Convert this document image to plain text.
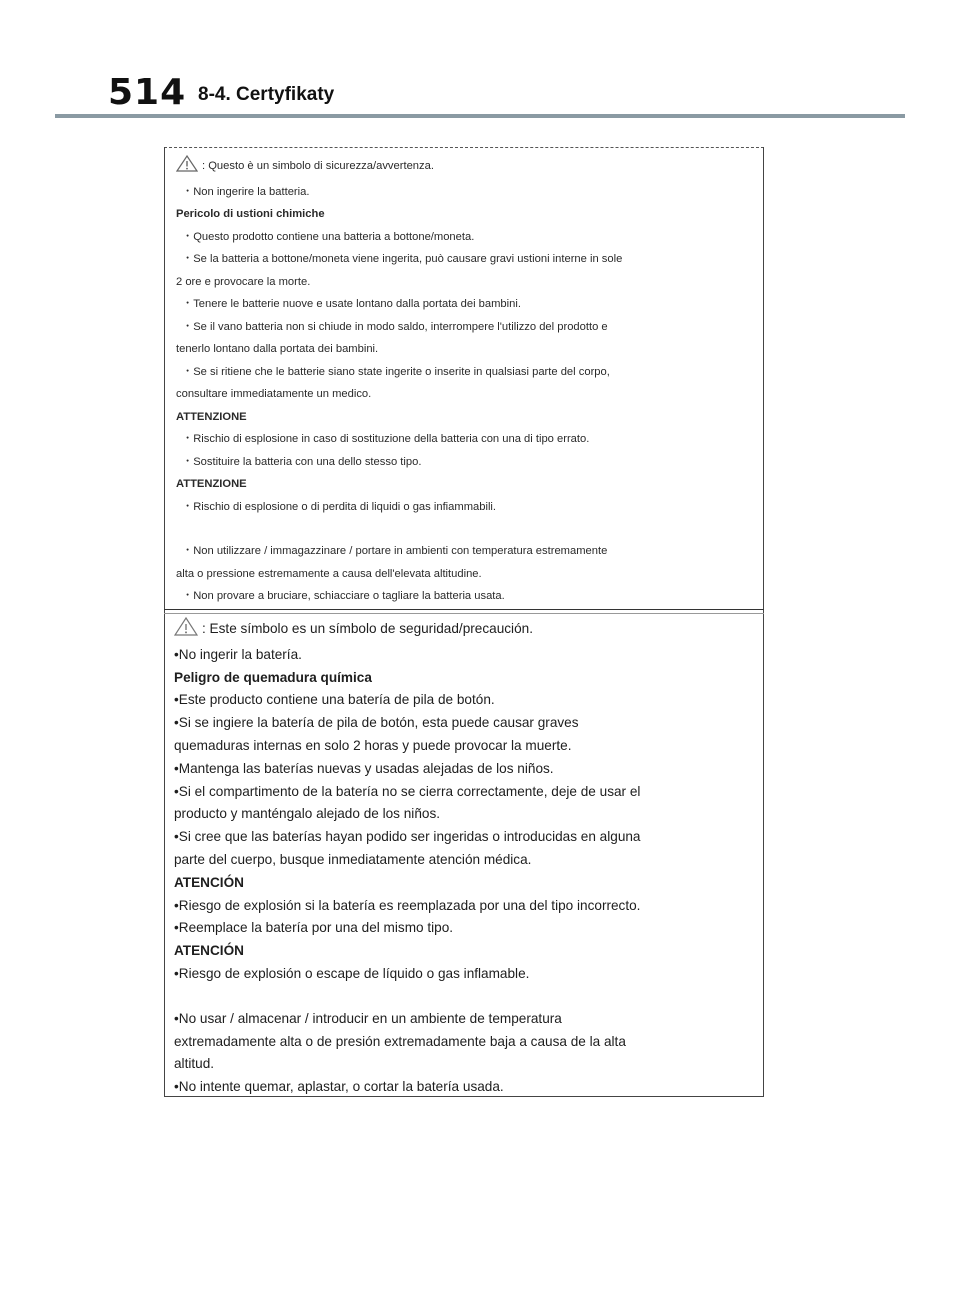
514 8-4. Certyfikaty
: Questo è un simbolo di sicurezza/avvertenza.
・Non ingerire la batteria.
Pericolo di ustioni chimiche
・Questo prodotto contiene una batteria a bottone/moneta.
・Se la batteria a bottone/moneta viene ingerita, può causare gravi ustioni interne in sole
2 ore e provocare la morte.
・Tenere le batterie nuove e usate lontano dalla portata dei bambini.
・Se il vano batteria non si chiude in modo saldo, interrompere l'utilizzo del prodotto e
tenerlo lontano dalla portata dei bambini.
・Se si ritiene che le batterie siano state ingerite o inserite in qualsiasi parte del corpo,
consultare immediatamente un medico.
ATTENZIONE
・Rischio di esplosione in caso di sostituzione della batteria con una di tipo errato.
・Sostituire la batteria con una dello stesso tipo.
ATTENZIONE
・Rischio di esplosione o di perdita di liquidi o gas infiammabili.
・Non utilizzare / immagazzinare / portare in ambienti con temperatura estremamente
alta o pressione estremamente a causa dell'elevata altitudine.
・Non provare a bruciare, schiacciare o tagliare la batteria usata.
: Este símbolo es un símbolo de seguridad/precaución.
•No ingerir la batería.
Peligro de quemadura química
•Este producto contiene una batería de pila de botón.
•Si se ingiere la batería de pila de botón, esta puede causar graves
quemaduras internas en solo 2 horas y puede provocar la muerte.
•Mantenga las baterías nuevas y usadas alejadas de los niños.
•Si el compartimento de la batería no se cierra correctamente, deje de usar el
producto y manténgalo alejado de los niños.
•Si cree que las baterías hayan podido ser ingeridas o introducidas en alguna
parte del cuerpo, busque inmediatamente atención médica.
ATENCIÓN
•Riesgo de explosión si la batería es reemplazada por una del tipo incorrecto.
•Reemplace la batería por una del mismo tipo.
ATENCIÓN
•Riesgo de explosión o escape de líquido o gas inflamable.
•No usar / almacenar / introducir en un ambiente de temperatura
extremadamente alta o de presión extremadamente baja a causa de la alta
altitud.
•No intente quemar, aplastar, o cortar la batería usada.
